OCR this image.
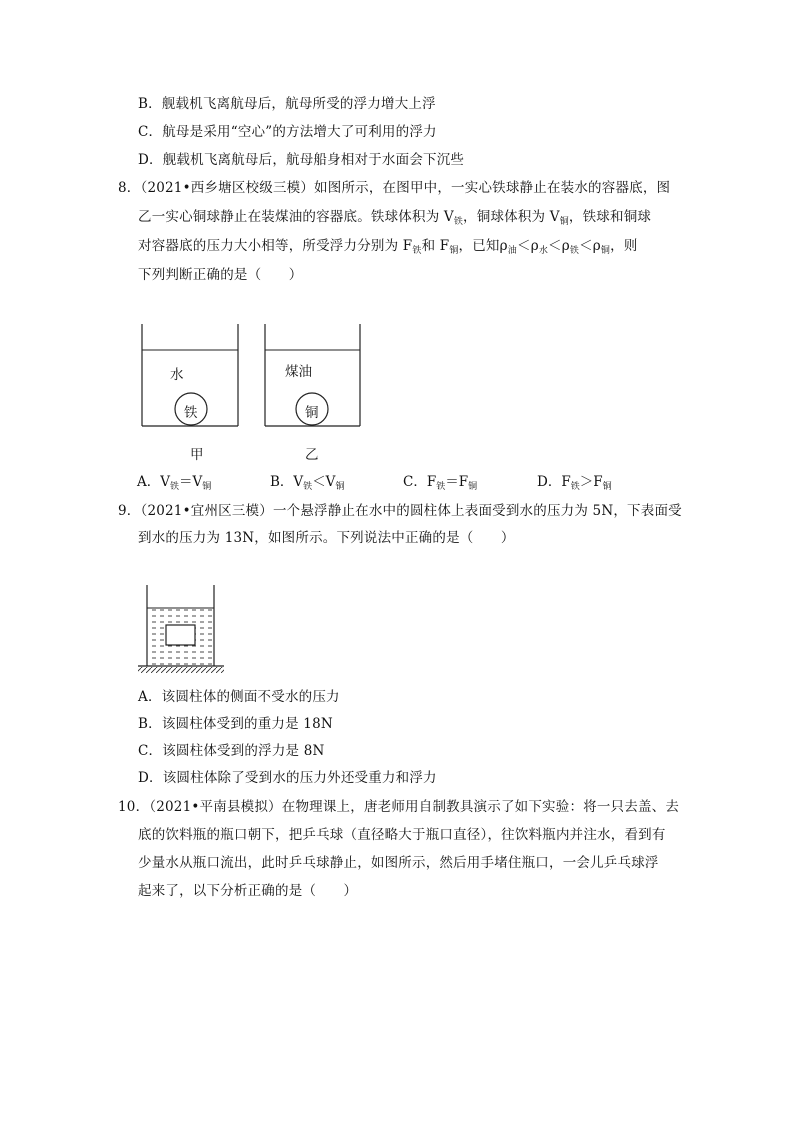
B．舰载机飞离航母后，航母所受的浮力增大上浮
C．航母是采用“空心”的方法增大了可利用的浮力
D．舰载机飞离航母后，航母船身相对于水面会下沉些
8．（2021•西乡塘区校级三模）如图所示，在图甲中，一实心铁球静止在装水的容器底，图
乙一实心铜球静止在装煤油的容器底。铁球体积为 $V_铁$，铜球体积为 $V_铜$，铁球和铜球
对容器底的压力大小相等，所受浮力分别为 $F_铁$和 $F_铜$，已知$\rho_油<\rho_水<\rho_铁<\rho_铜$，则
下列判断正确的是（　　）
水
铁
煤油
铜
甲	乙
A．$V_铁=V_铜$	B．$V_铁<V_铜$	C．$F_铁=F_铜$	D．$F_铁>F_铜$
9．（2021•宜州区三模）一个悬浮静止在水中的圆柱体上表面受到水的压力为 5N，下表面受
到水的压力为 13N，如图所示。下列说法中正确的是（　　）
A．该圆柱体的侧面不受水的压力
B．该圆柱体受到的重力是 18N
C．该圆柱体受到的浮力是 8N
D．该圆柱体除了受到水的压力外还受重力和浮力
10．（2021•平南县模拟）在物理课上，唐老师用自制教具演示了如下实验：将一只去盖、去
底的饮料瓶的瓶口朝下，把乒乓球（直径略大于瓶口直径），往饮料瓶内并注水，看到有
少量水从瓶口流出，此时乒乓球静止，如图所示，然后用手堵住瓶口，一会儿乒乓球浮
起来了，以下分析正确的是（　　）
